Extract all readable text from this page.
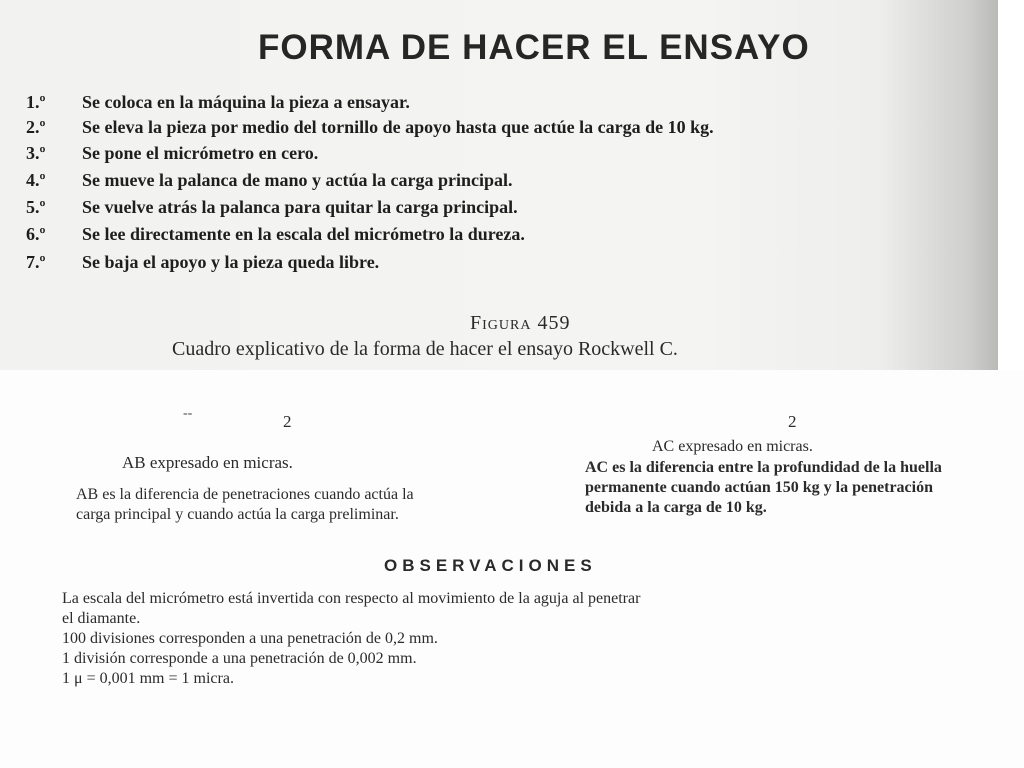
FORMA DE HACER EL ENSAYO
1.º Se coloca en la máquina la pieza a ensayar.
2.º Se eleva la pieza por medio del tornillo de apoyo hasta que actúe la carga de 10 kg.
3.º Se pone el micrómetro en cero.
4.º Se mueve la palanca de mano y actúa la carga principal.
5.º Se vuelve atrás la palanca para quitar la carga principal.
6.º Se lee directamente en la escala del micrómetro la dureza.
7.º Se baja el apoyo y la pieza queda libre.
Figura 459
Cuadro explicativo de la forma de hacer el ensayo Rockwell C.
--	2
AB expresado en micras.
AB es la diferencia de penetraciones cuando actúa la carga principal y cuando actúa la carga preliminar.
2
AC expresado en micras.
AC es la diferencia entre la profundidad de la huella permanente cuando actúan 150 kg y la penetración debida a la carga de 10 kg.
OBSERVACIONES
La escala del micrómetro está invertida con respecto al movimiento de la aguja al penetrar
el diamante.
100 divisiones corresponden a una penetración de 0,2 mm.
1 división corresponde a una penetración de 0,002 mm.
1 μ = 0,001 mm = 1 micra.
